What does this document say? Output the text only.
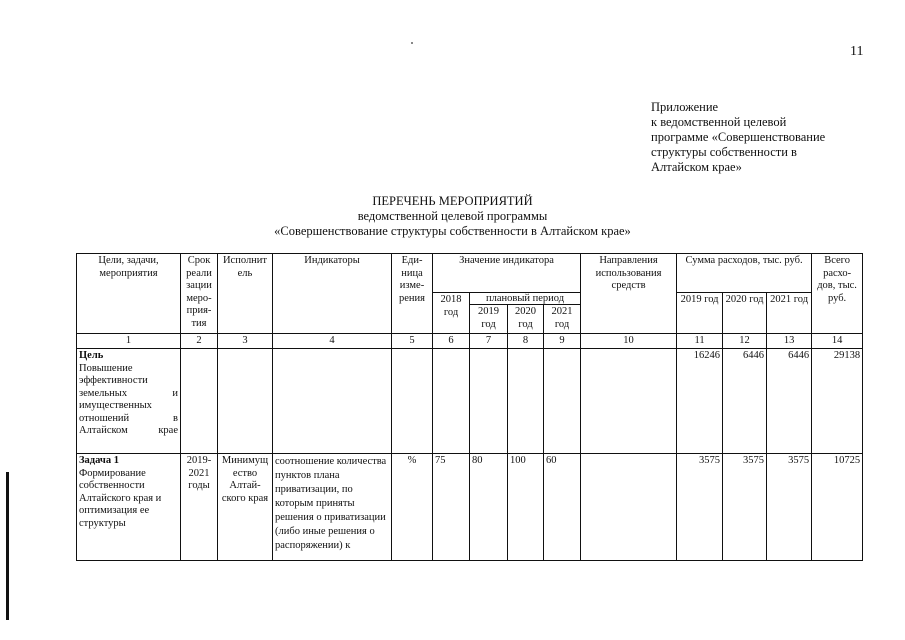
11
Приложение
к ведомственной целевой
программе «Совершенствование
структуры собственности в
Алтайском крае»
ПЕРЕЧЕНЬ МЕРОПРИЯТИЙ
ведомственной целевой программы
«Совершенствование структуры собственности в Алтайском крае»
Цели, задачи, мероприятия	Срок реали зации меро-прия-тия	Исполнит ель	Индикаторы	Еди-ница изме-рения	Значение индикатора				Направления использования средств	Сумма расходов, тыс. руб.			Всего расхо-дов, тыс. руб.
					2018 год	плановый период				2019 год	2020 год	2021 год	
						2019 год	2020 год	2021 год					
1	2	3	4	5	6	7	8	9	10	11	12	13	14

Цель
Повышение эффективности земельных и имущественных отношений в Алтайском крае										16246	6446	6446	29138

Задача 1
Формирование собственности Алтайского края и оптимизация ее структуры	2019-2021 годы	Минимущ ество Алтай-ского края	соотношение количества пунктов плана приватизации, по которым приняты решения о приватизации (либо иные решения о распоряжении) к	%	75	80	100	60		3575	3575	3575	10725
